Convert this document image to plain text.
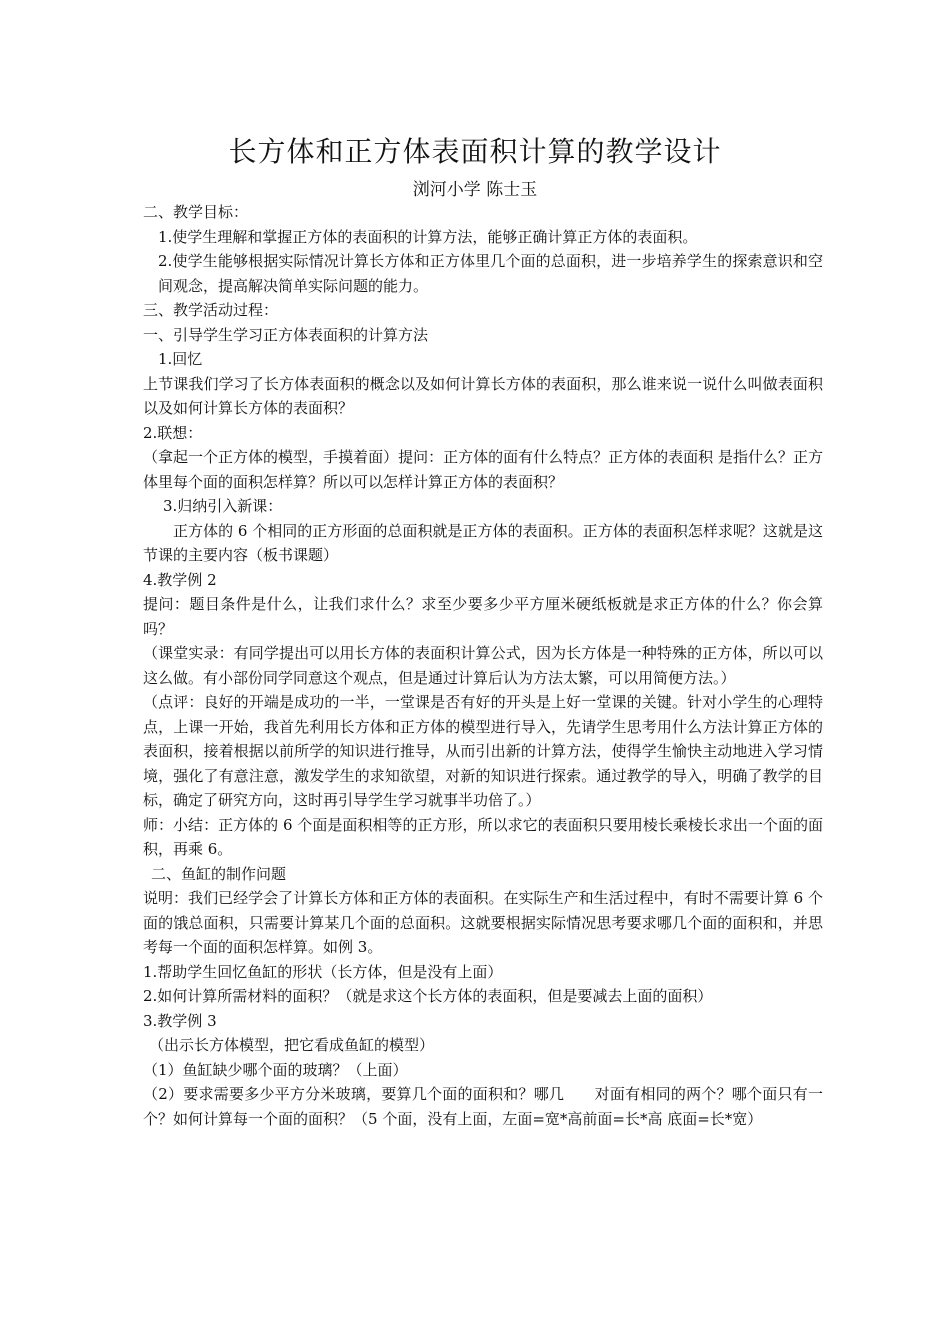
长方体和正方体表面积计算的教学设计
浏河小学 陈士玉

二、教学目标：

1.使学生理解和掌握正方体的表面积的计算方法，能够正确计算正方体的表面积。

2.使学生能够根据实际情况计算长方体和正方体里几个面的总面积，进一步培养学生的探索意识和空间观念，提高解决简单实际问题的能力。

三、教学活动过程：

一、引导学生学习正方体表面积的计算方法

1.回忆

上节课我们学习了长方体表面积的概念以及如何计算长方体的表面积，那么谁来说一说什么叫做表面积以及如何计算长方体的表面积？

2.联想：

（拿起一个正方体的模型，手摸着面）提问：正方体的面有什么特点？正方体的表面积 是指什么？正方体里每个面的面积怎样算？所以可以怎样计算正方体的表面积？

3.归纳引入新课：

正方体的 6 个相同的正方形面的总面积就是正方体的表面积。正方体的表面积怎样求呢？这就是这节课的主要内容（板书课题）

4.教学例 2

提问：题目条件是什么，让我们求什么？求至少要多少平方厘米硬纸板就是求正方体的什么？你会算吗？

（课堂实录：有同学提出可以用长方体的表面积计算公式，因为长方体是一种特殊的正方体，所以可以这么做。有小部份同学同意这个观点，但是通过计算后认为方法太繁，可以用简便方法。）

（点评：良好的开端是成功的一半，一堂课是否有好的开头是上好一堂课的关键。针对小学生的心理特点，上课一开始，我首先利用长方体和正方体的模型进行导入，先请学生思考用什么方法计算正方体的表面积，接着根据以前所学的知识进行推导，从而引出新的计算方法，使得学生愉快主动地进入学习情境，强化了有意注意，激发学生的求知欲望，对新的知识进行探索。通过教学的导入，明确了教学的目标，确定了研究方向，这时再引导学生学习就事半功倍了。）

师：小结：正方体的 6 个面是面积相等的正方形，所以求它的表面积只要用棱长乘棱长求出一个面的面积，再乘 6。

二、鱼缸的制作问题

说明：我们已经学会了计算长方体和正方体的表面积。在实际生产和生活过程中，有时不需要计算 6 个面的饿总面积，只需要计算某几个面的总面积。这就要根据实际情况思考要求哪几个面的面积和，并思考每一个面的面积怎样算。如例 3。

1.帮助学生回忆鱼缸的形状（长方体，但是没有上面）

2.如何计算所需材料的面积？（就是求这个长方体的表面积，但是要减去上面的面积）

3.教学例 3

（出示长方体模型，把它看成鱼缸的模型）

（1）鱼缸缺少哪个面的玻璃？（上面）

（2）要求需要多少平方分米玻璃，要算几个面的面积和？哪几　　对面有相同的两个？哪个面只有一个？如何计算每一个面的面积？（5 个面，没有上面，左面=宽*高前面=长*高 底面=长*宽）
